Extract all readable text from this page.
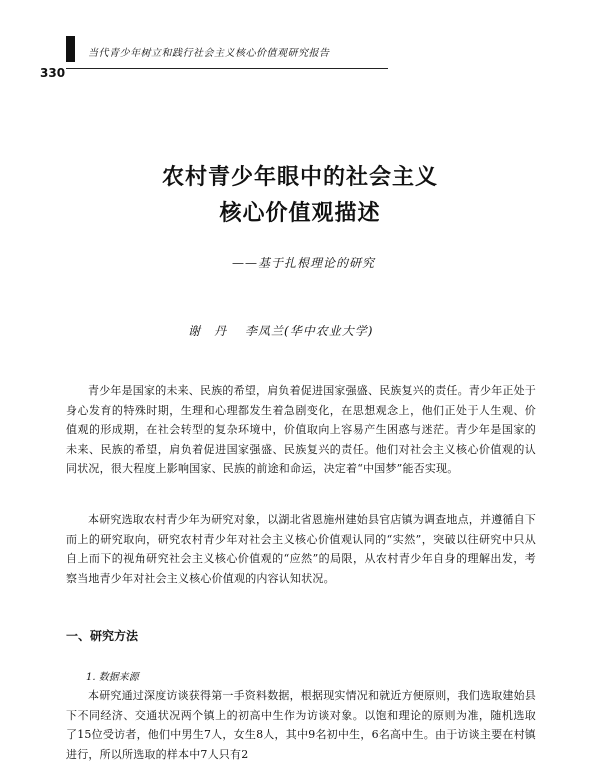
当代青少年树立和践行社会主义核心价值观研究报告
330
农村青少年眼中的社会主义
核心价值观描述
——基于扎根理论的研究
谢　丹 李凤兰(华中农业大学)
青少年是国家的未来、民族的希望，肩负着促进国家强盛、民族复兴的责任。青少年正处于身心发育的特殊时期，生理和心理都发生着急剧变化，在思想观念上，他们正处于人生观、价值观的形成期，在社会转型的复杂环境中，价值取向上容易产生困惑与迷茫。青少年是国家的未来、民族的希望，肩负着促进国家强盛、民族复兴的责任。他们对社会主义核心价值观的认同状况，很大程度上影响国家、民族的前途和命运，决定着“中国梦”能否实现。
本研究选取农村青少年为研究对象，以湖北省恩施州建始县官店镇为调查地点，并遵循自下而上的研究取向，研究农村青少年对社会主义核心价值观认同的“实然”，突破以往研究中只从自上而下的视角研究社会主义核心价值观的“应然”的局限，从农村青少年自身的理解出发，考察当地青少年对社会主义核心价值观的内容认知状况。
一、研究方法
1. 数据来源
本研究通过深度访谈获得第一手资料数据，根据现实情况和就近方便原则，我们选取建始县下不同经济、交通状况两个镇上的初高中生作为访谈对象。以饱和理论的原则为准，随机选取了15位受访者，他们中男生7人，女生8人，其中9名初中生，6名高中生。由于访谈主要在村镇进行，所以所选取的样本中7人只有2
